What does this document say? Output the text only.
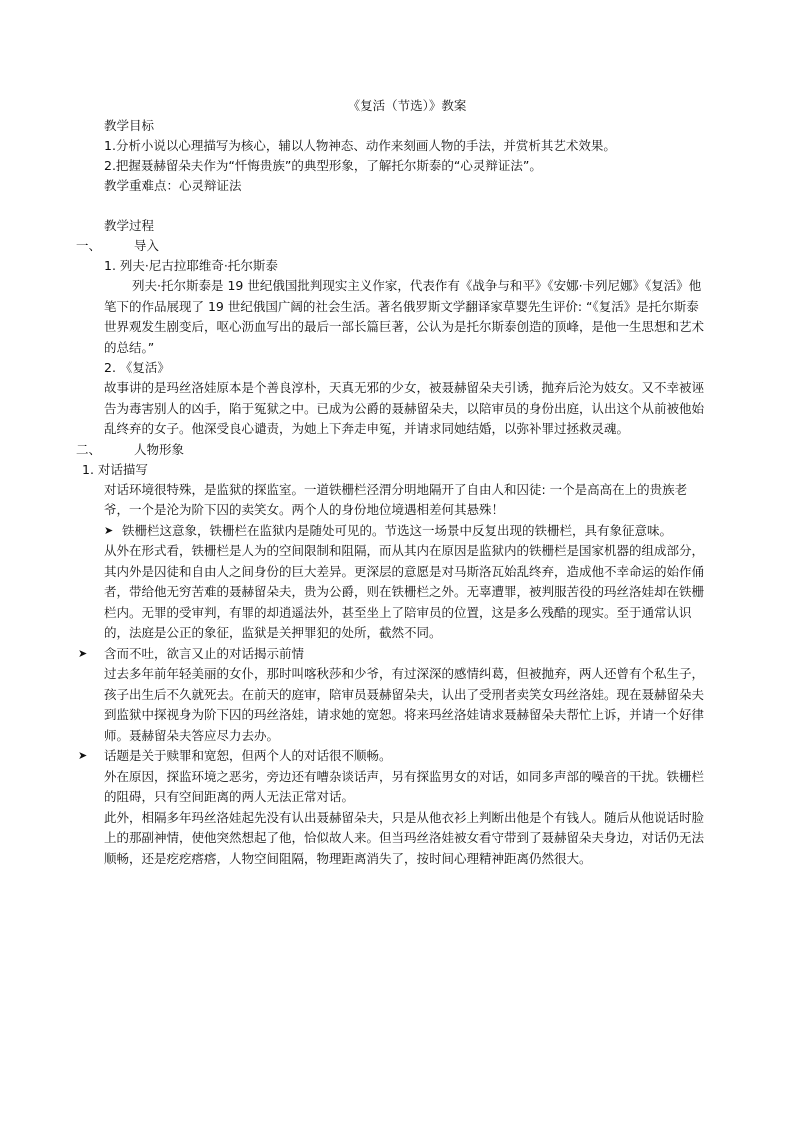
《复活（节选）》教案
教学目标
1.分析小说以心理描写为核心，辅以人物神态、动作来刻画人物的手法，并赏析其艺术效果。
2.把握聂赫留朵夫作为“忏悔贵族”的典型形象，了解托尔斯泰的“心灵辩证法”。
教学重难点：心灵辩证法
教学过程
一、	导入
1. 列夫·尼古拉耶维奇·托尔斯泰
列夫·托尔斯泰是 19 世纪俄国批判现实主义作家，代表作有《战争与和平》《安娜·卡列尼娜》《复活》他笔下的作品展现了 19 世纪俄国广阔的社会生活。著名俄罗斯文学翻译家草婴先生评价: “《复活》是托尔斯泰世界观发生剧变后，呕心沥血写出的最后一部长篇巨著，公认为是托尔斯泰创造的顶峰，是他一生思想和艺术的总结。”
2. 《复活》
故事讲的是玛丝洛娃原本是个善良淳朴，天真无邪的少女，被聂赫留朵夫引诱，抛弃后沦为妓女。又不幸被诬告为毒害别人的凶手，陷于冤狱之中。已成为公爵的聂赫留朵夫，以陪审员的身份出庭，认出这个从前被他始乱终弃的女子。他深受良心谴责，为她上下奔走申冤，并请求同她结婚，以弥补罪过拯救灵魂。
二、	人物形象
1. 对话描写
对话环境很特殊，是监狱的探监室。一道铁栅栏泾渭分明地隔开了自由人和囚徒: 一个是高高在上的贵族老爷，一个是沦为阶下囚的卖笑女。两个人的身份地位境遇相差何其悬殊！
➤ 铁栅栏这意象，铁栅栏在监狱内是随处可见的。节选这一场景中反复出现的铁栅栏，具有象征意味。
从外在形式看，铁栅栏是人为的空间限制和阻隔，而从其内在原因是监狱内的铁栅栏是国家机器的组成部分，其内外是囚徒和自由人之间身份的巨大差异。更深层的意愿是对马斯洛瓦始乱终弃，造成他不幸命运的始作俑者，带给他无穷苦难的聂赫留朵夫，贵为公爵，则在铁栅栏之外。无辜遭罪，被判服苦役的玛丝洛娃却在铁栅栏内。无罪的受审判，有罪的却逍遥法外，甚至坐上了陪审员的位置，这是多么残酷的现实。至于通常认识的，法庭是公正的象征，监狱是关押罪犯的处所，截然不同。
➤ 含而不吐，欲言又止的对话揭示前情
过去多年前年轻美丽的女仆，那时叫喀秋莎和少爷，有过深深的感情纠葛，但被抛弃，两人还曾有个私生子，孩子出生后不久就死去。在前天的庭审，陪审员聂赫留朵夫，认出了受刑者卖笑女玛丝洛娃。现在聂赫留朵夫到监狱中探视身为阶下囚的玛丝洛娃，请求她的宽恕。将来玛丝洛娃请求聂赫留朵夫帮忙上诉，并请一个好律师。聂赫留朵夫答应尽力去办。
➤ 话题是关于赎罪和宽恕，但两个人的对话很不顺畅。
外在原因，探监环境之恶劣，旁边还有嘈杂谈话声，另有探监男女的对话，如同多声部的噪音的干扰。铁栅栏的阻碍，只有空间距离的两人无法正常对话。
此外，相隔多年玛丝洛娃起先没有认出聂赫留朵夫，只是从他衣衫上判断出他是个有钱人。随后从他说话时脸上的那副神情，使他突然想起了他，恰似故人来。但当玛丝洛娃被女看守带到了聂赫留朵夫身边，对话仍无法顺畅，还是疙疙瘩瘩，人物空间阻隔，物理距离消失了，按时间心理精神距离仍然很大。
